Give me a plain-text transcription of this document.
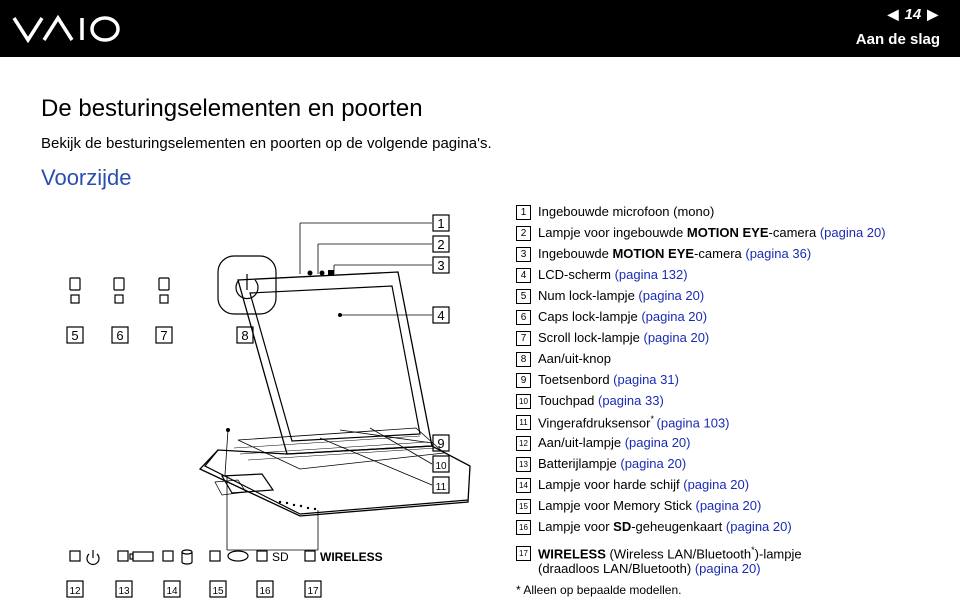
◀ 14 ▶
Aan de slag
De besturingselementen en poorten
Bekijk de besturingselementen en poorten op de volgende pagina's.
Voorzijde
5	6	7	8
1
2
3
4
9
10
11
12	13	14	15	16	17
SD	WIRELESS
1 Ingebouwde microfoon (mono)
2 Lampje voor ingebouwde MOTION EYE-camera (pagina 20)
3 Ingebouwde MOTION EYE-camera (pagina 36)
4 LCD-scherm (pagina 132)
5 Num lock-lampje (pagina 20)
6 Caps lock-lampje (pagina 20)
7 Scroll lock-lampje (pagina 20)
8 Aan/uit-knop
9 Toetsenbord (pagina 31)
10 Touchpad (pagina 33)
11 Vingerafdruksensor* (pagina 103)
12 Aan/uit-lampje (pagina 20)
13 Batterijlampje (pagina 20)
14 Lampje voor harde schijf (pagina 20)
15 Lampje voor Memory Stick (pagina 20)
16 Lampje voor SD-geheugenkaart (pagina 20)
17 WIRELESS (Wireless LAN/Bluetooth*)-lampje
(draadloos LAN/Bluetooth) (pagina 20)
* Alleen op bepaalde modellen.
